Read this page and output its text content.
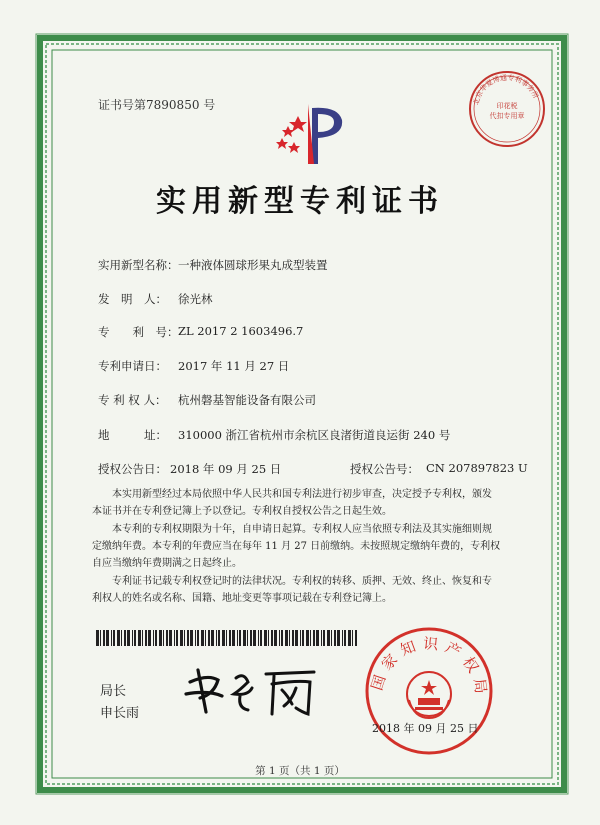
证书号第7890850 号	北京华夏博通专利事务所
印花税
代扣专用章
实用新型专利证书
实用新型名称： 一种液体圆球形果丸成型装置
发　明　人： 徐光林
专　　利　号： ZL 2017 2 1603496.7
专利申请日： 2017 年 11 月 27 日
专 利 权 人： 杭州磐基智能设备有限公司
地　　　址： 310000 浙江省杭州市余杭区良渚街道良运街 240 号
授权公告日： 2018 年 09 月 25 日	授权公告号： CN 207897823 U
本实用新型经过本局依照中华人民共和国专利法进行初步审查，决定授予专利权，颁发
本证书并在专利登记簿上予以登记。专利权自授权公告之日起生效。
本专利的专利权期限为十年，自申请日起算。专利权人应当依照专利法及其实施细则规
定缴纳年费。本专利的年费应当在每年 11 月 27 日前缴纳。未按照规定缴纳年费的，专利权
自应当缴纳年费期满之日起终止。
专利证书记载专利权登记时的法律状况。专利权的转移、质押、无效、终止、恢复和专
利权人的姓名或名称、国籍、地址变更等事项记载在专利登记簿上。
局长
申长雨
国家知识产权局
2018 年 09 月 25 日
第 1 页（共 1 页）
